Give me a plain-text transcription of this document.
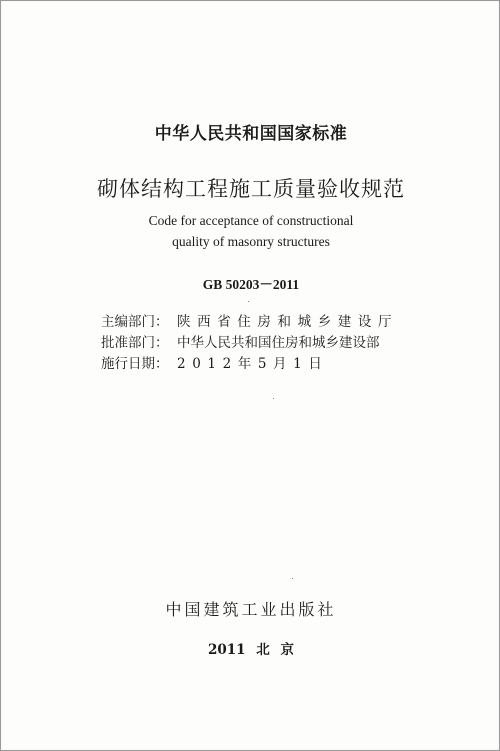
中华人民共和国国家标准
砌体结构工程施工质量验收规范
Code for acceptance of constructional
quality of masonry structures
GB 50203－2011
主编部门： 陕西省住房和城乡建设厅
批准部门： 中华人民共和国住房和城乡建设部
施行日期： 2012年5月1日
中国建筑工业出版社
2011 北 京
